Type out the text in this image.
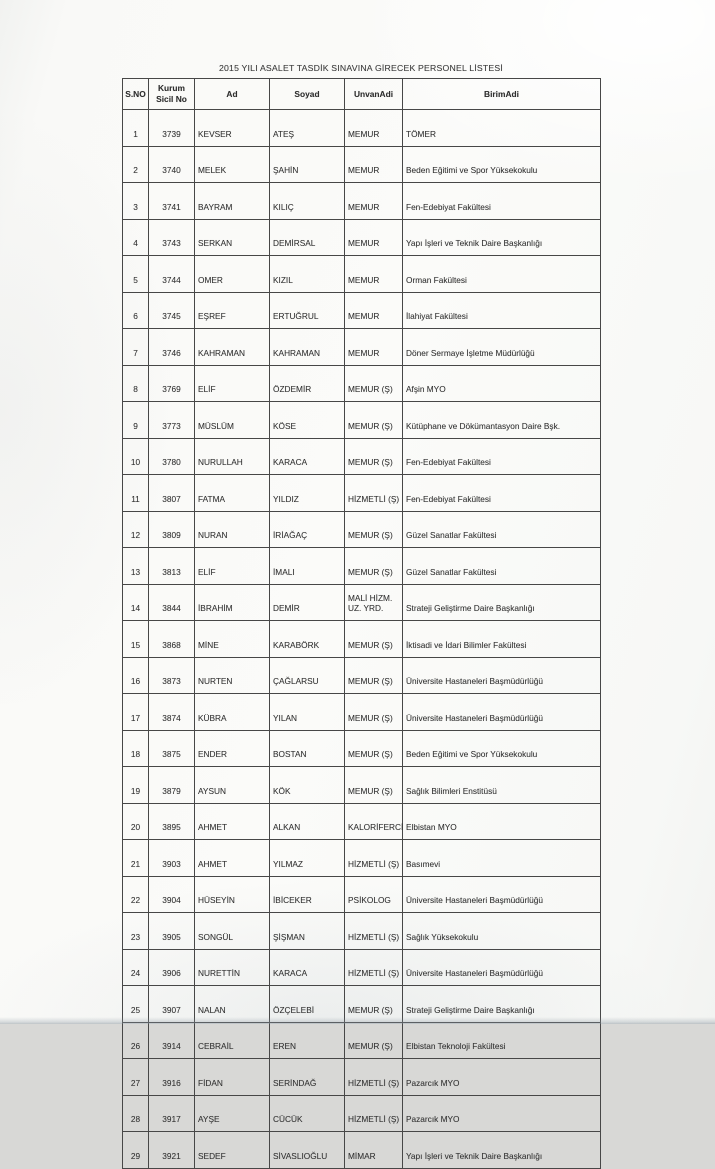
2015 YILI ASALET TASDİK SINAVINA GİRECEK PERSONEL LİSTESİ
S.NO	Kurum Sicil No	Ad	Soyad	UnvanAdi	BirimAdi
1	3739	KEVSER	ATEŞ	MEMUR	TÖMER
2	3740	MELEK	ŞAHİN	MEMUR	Beden Eğitimi ve Spor Yüksekokulu
3	3741	BAYRAM	KILIÇ	MEMUR	Fen-Edebiyat Fakültesi
4	3743	SERKAN	DEMİRSAL	MEMUR	Yapı İşleri ve Teknik Daire Başkanlığı
5	3744	OMER	KIZIL	MEMUR	Orman Fakültesi
6	3745	EŞREF	ERTUĞRUL	MEMUR	İlahiyat Fakültesi
7	3746	KAHRAMAN	KAHRAMAN	MEMUR	Döner Sermaye İşletme Müdürlüğü
8	3769	ELİF	ÖZDEMİR	MEMUR (Ş)	Afşin MYO
9	3773	MÜSLÜM	KÖSE	MEMUR (Ş)	Kütüphane ve Dökümantasyon Daire Bşk.
10	3780	NURULLAH	KARACA	MEMUR (Ş)	Fen-Edebiyat Fakültesi
11	3807	FATMA	YILDIZ	HİZMETLİ (Ş)	Fen-Edebiyat Fakültesi
12	3809	NURAN	İRİAĞAÇ	MEMUR (Ş)	Güzel Sanatlar Fakültesi
13	3813	ELİF	İMALI	MEMUR (Ş)	Güzel Sanatlar Fakültesi
14	3844	İBRAHİM	DEMİR	MALİ HİZM. UZ. YRD.	Strateji Geliştirme Daire Başkanlığı
15	3868	MİNE	KARABÖRK	MEMUR (Ş)	İktisadi ve İdari Bilimler Fakültesi
16	3873	NURTEN	ÇAĞLARSU	MEMUR (Ş)	Üniversite Hastaneleri Başmüdürlüğü
17	3874	KÜBRA	YILAN	MEMUR (Ş)	Üniversite Hastaneleri Başmüdürlüğü
18	3875	ENDER	BOSTAN	MEMUR (Ş)	Beden Eğitimi ve Spor Yüksekokulu
19	3879	AYSUN	KÖK	MEMUR (Ş)	Sağlık Bilimleri Enstitüsü
20	3895	AHMET	ALKAN	KALORİFERCİ	Elbistan MYO
21	3903	AHMET	YILMAZ	HİZMETLİ (Ş)	Basımevi
22	3904	HÜSEYİN	İBİCEKER	PSİKOLOG	Üniversite Hastaneleri Başmüdürlüğü
23	3905	SONGÜL	ŞİŞMAN	HİZMETLİ (Ş)	Sağlık Yüksekokulu
24	3906	NURETTİN	KARACA	HİZMETLİ (Ş)	Üniversite Hastaneleri Başmüdürlüğü
25	3907	NALAN	ÖZÇELEBİ	MEMUR (Ş)	Strateji Geliştirme Daire Başkanlığı
26	3914	CEBRAİL	EREN	MEMUR (Ş)	Elbistan Teknoloji Fakültesi
27	3916	FİDAN	SERİNDAĞ	HİZMETLİ (Ş)	Pazarcık MYO
28	3917	AYŞE	CÜCÜK	HİZMETLİ (Ş)	Pazarcık MYO
29	3921	SEDEF	SİVASLIOĞLU	MİMAR	Yapı İşleri ve Teknik Daire Başkanlığı
